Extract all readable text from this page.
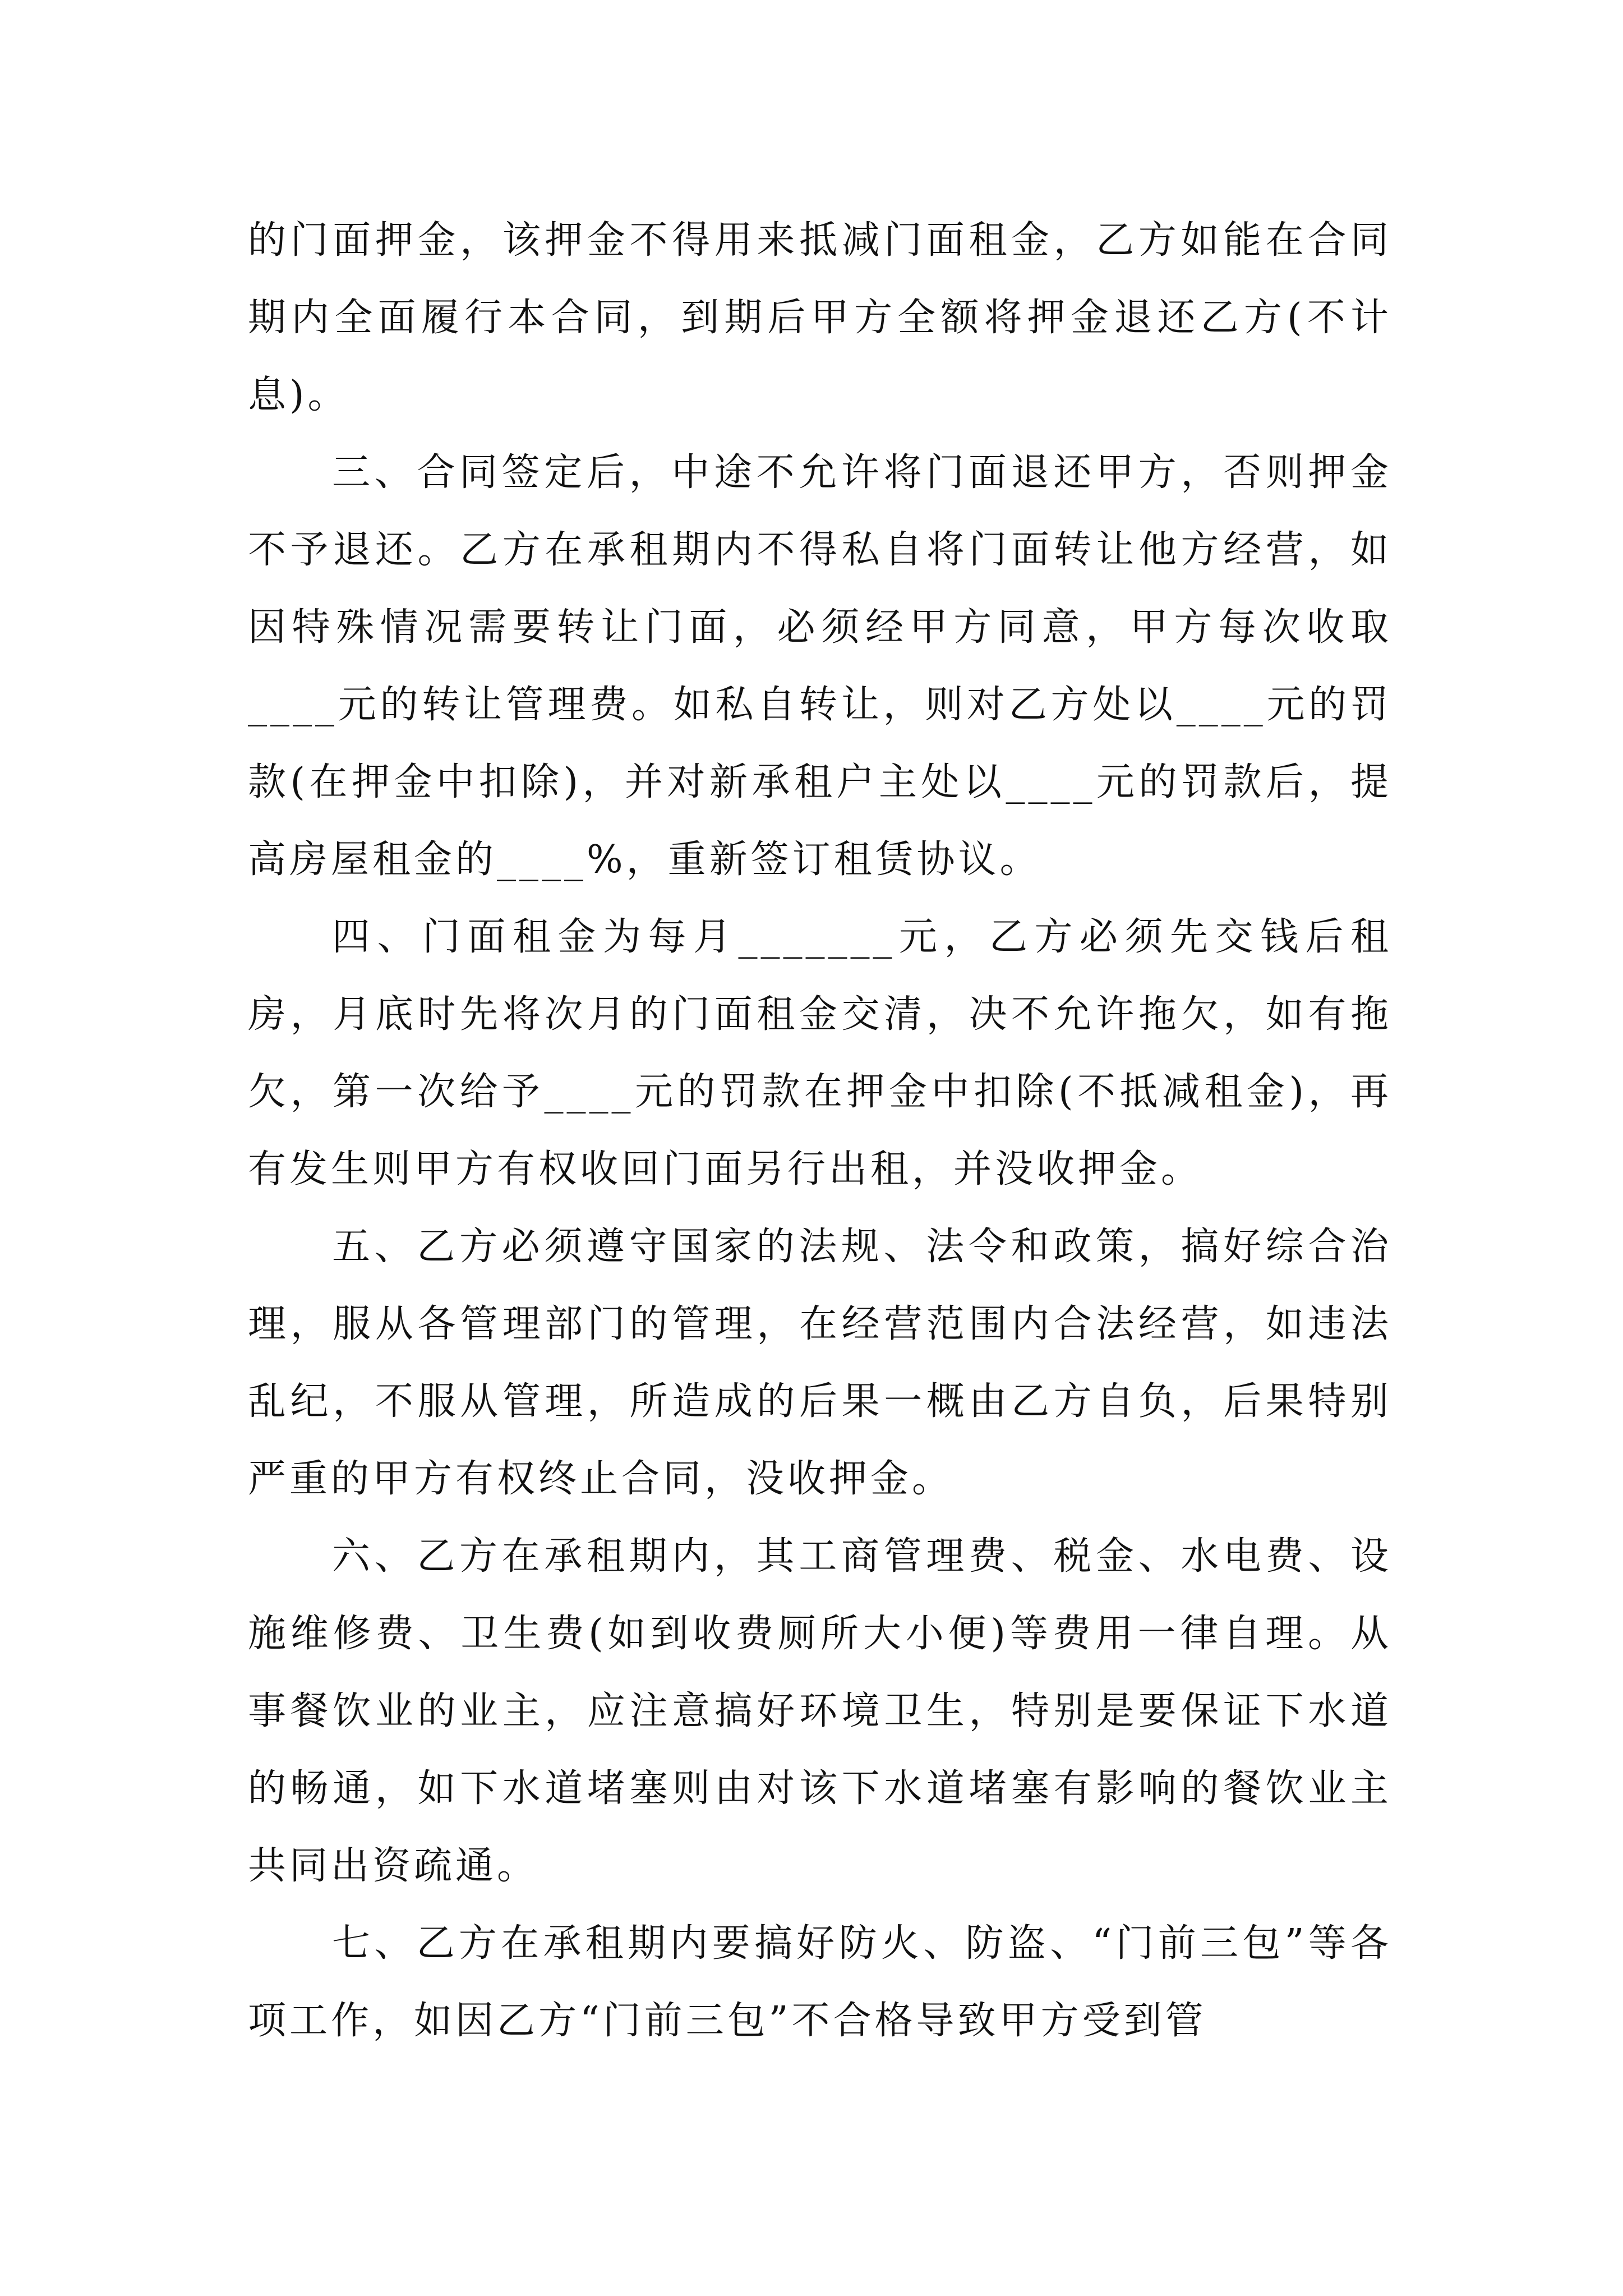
的门面押金，该押金不得用来抵减门面租金，乙方如能在合同期内全面履行本合同，到期后甲方全额将押金退还乙方(不计息)。

三、合同签定后，中途不允许将门面退还甲方，否则押金不予退还。乙方在承租期内不得私自将门面转让他方经营，如因特殊情况需要转让门面，必须经甲方同意，甲方每次收取____元的转让管理费。如私自转让，则对乙方处以____元的罚款(在押金中扣除)，并对新承租户主处以____元的罚款后，提高房屋租金的____%，重新签订租赁协议。

四、门面租金为每月_______元，乙方必须先交钱后租房，月底时先将次月的门面租金交清，决不允许拖欠，如有拖欠，第一次给予____元的罚款在押金中扣除(不抵减租金)，再有发生则甲方有权收回门面另行出租，并没收押金。

五、乙方必须遵守国家的法规、法令和政策，搞好综合治理，服从各管理部门的管理，在经营范围内合法经营，如违法乱纪，不服从管理，所造成的后果一概由乙方自负，后果特别严重的甲方有权终止合同，没收押金。

六、乙方在承租期内，其工商管理费、税金、水电费、设施维修费、卫生费(如到收费厕所大小便)等费用一律自理。从事餐饮业的业主，应注意搞好环境卫生，特别是要保证下水道的畅通，如下水道堵塞则由对该下水道堵塞有影响的餐饮业主共同出资疏通。

七、乙方在承租期内要搞好防火、防盗、“门前三包”等各项工作，如因乙方“门前三包”不合格导致甲方受到管
